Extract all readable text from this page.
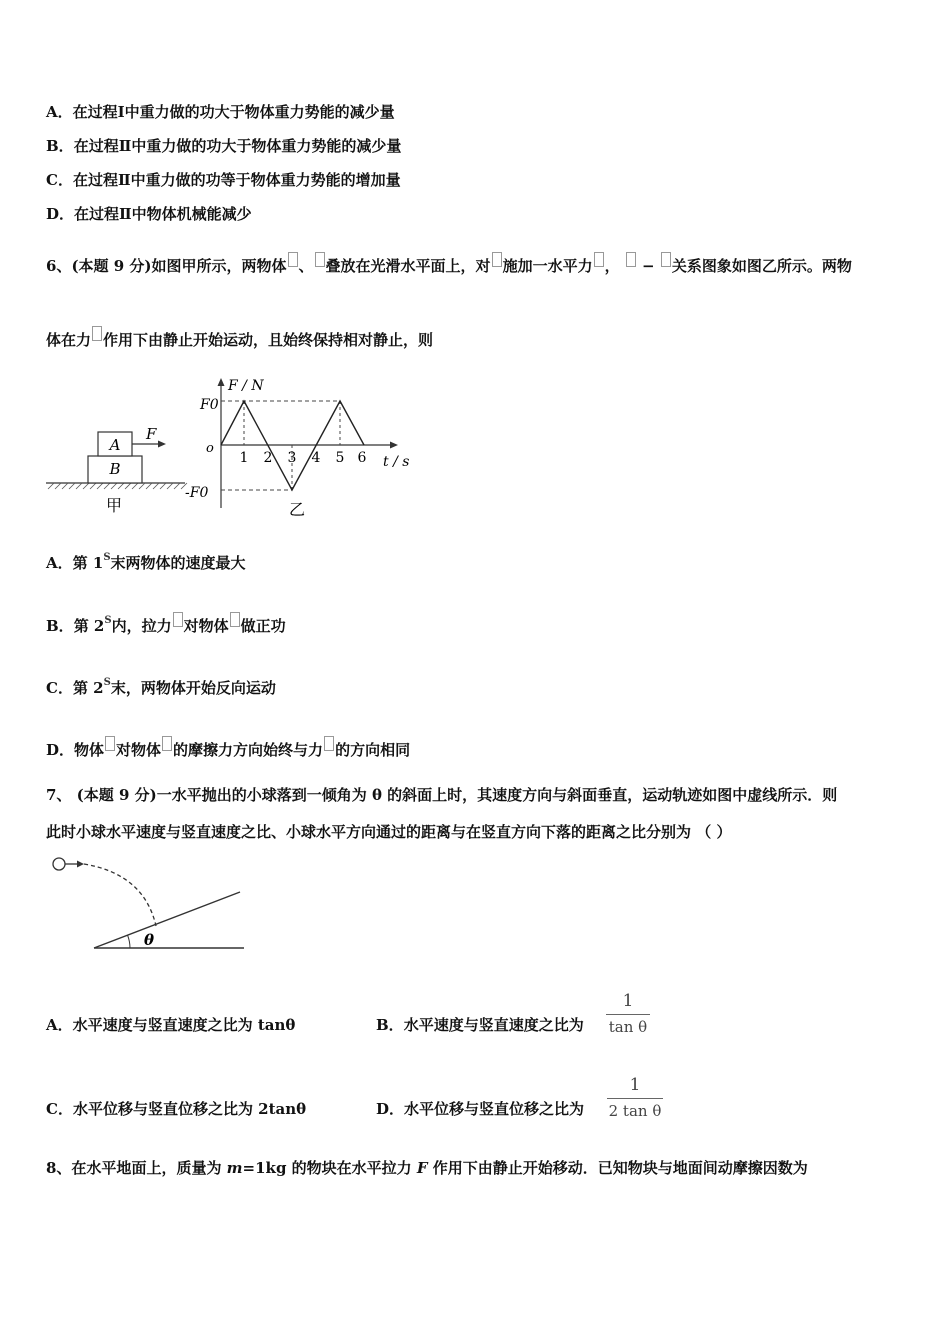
A．在过程Ⅰ中重力做的功大于物体重力势能的减少量
B．在过程Ⅱ中重力做的功大于物体重力势能的减少量
C．在过程Ⅱ中重力做的功等于物体重力势能的增加量
D．在过程Ⅱ中物体机械能减少
6、(本题 9 分)如图甲所示，两物体 、 叠放在光滑水平面上，对 施加一水平力 ，  − 关系图象如图乙所示。两物
体在力 作用下由静止开始运动，且始终保持相对静止，则
B
A
F
甲
F / N
t / s
F0
-F0
o
1 2 3 4 5 6
乙
A．第 $1^S$末两物体的速度最大
B．第 $2^S$内，拉力 对物体 做正功
C．第 $2^S$末，两物体开始反向运动
D．物体 对物体 的摩擦力方向始终与力 的方向相同
7、 (本题 9 分)一水平抛出的小球落到一倾角为 θ 的斜面上时，其速度方向与斜面垂直，运动轨迹如图中虚线所示．则
此时小球水平速度与竖直速度之比、小球水平方向通过的距离与在竖直方向下落的距离之比分别为 （ ）
θ
A．水平速度与竖直速度之比为 tanθ	B．水平速度与竖直速度之比为
1
tan θ
C．水平位移与竖直位移之比为 2tanθ	D．水平位移与竖直位移之比为
1
2 tan θ
8、在水平地面上，质量为 m=1kg 的物块在水平拉力 F 作用下由静止开始移动．已知物块与地面间动摩擦因数为
